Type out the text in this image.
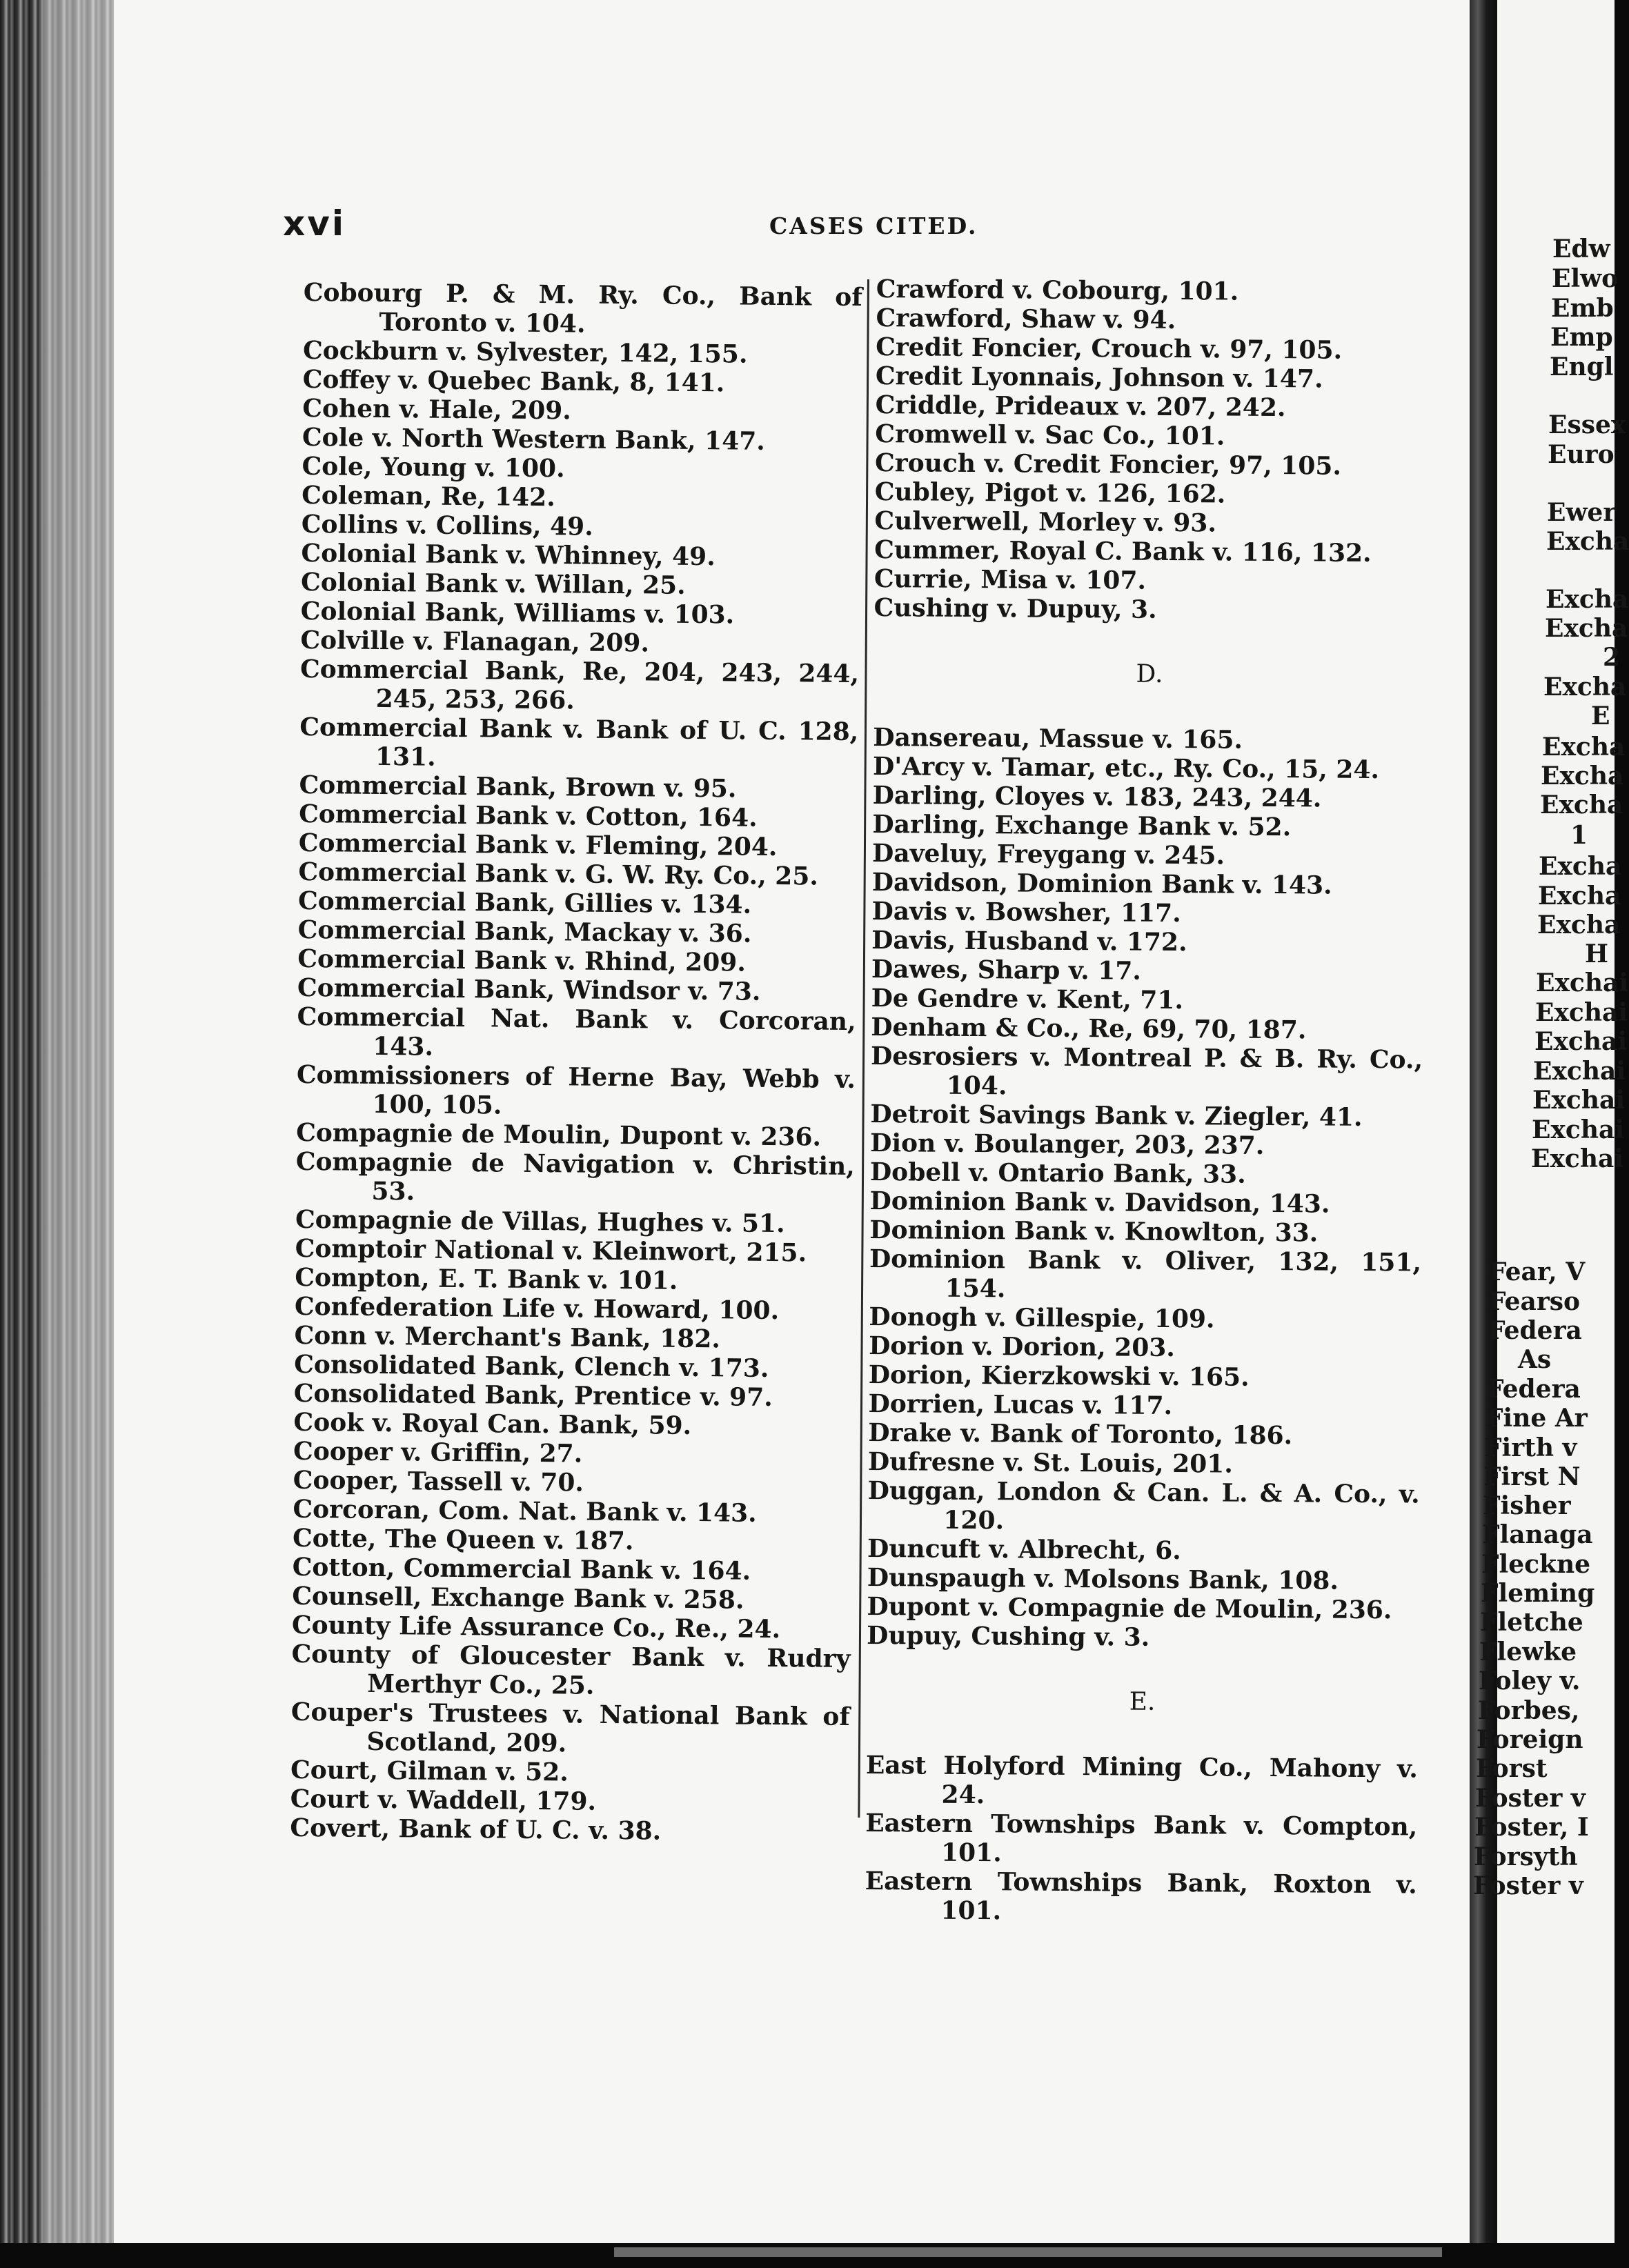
xvi	CASES CITED.

Cobourg P. & M. Ry. Co., Bank of Toronto v. 104.

Cockburn v. Sylvester, 142, 155.

Coffey v. Quebec Bank, 8, 141.

Cohen v. Hale, 209.

Cole v. North Western Bank, 147.

Cole, Young v. 100.

Coleman, Re, 142.

Collins v. Collins, 49.

Colonial Bank v. Whinney, 49.

Colonial Bank v. Willan, 25.

Colonial Bank, Williams v. 103.

Colville v. Flanagan, 209.

Commercial Bank, Re, 204, 243, 244, 245, 253, 266.

Commercial Bank v. Bank of U. C. 128, 131.

Commercial Bank, Brown v. 95.

Commercial Bank v. Cotton, 164.

Commercial Bank v. Fleming, 204.

Commercial Bank v. G. W. Ry. Co., 25.

Commercial Bank, Gillies v. 134.

Commercial Bank, Mackay v. 36.

Commercial Bank v. Rhind, 209.

Commercial Bank, Windsor v. 73.

Commercial Nat. Bank v. Corcoran, 143.

Commissioners of Herne Bay, Webb v. 100, 105.

Compagnie de Moulin, Dupont v. 236.

Compagnie de Navigation v. Christin, 53.

Compagnie de Villas, Hughes v. 51.

Comptoir National v. Kleinwort, 215.

Compton, E. T. Bank v. 101.

Confederation Life v. Howard, 100.

Conn v. Merchant's Bank, 182.

Consolidated Bank, Clench v. 173.

Consolidated Bank, Prentice v. 97.

Cook v. Royal Can. Bank, 59.

Cooper v. Griffin, 27.

Cooper, Tassell v. 70.

Corcoran, Com. Nat. Bank v. 143.

Cotte, The Queen v. 187.

Cotton, Commercial Bank v. 164.

Counsell, Exchange Bank v. 258.

County Life Assurance Co., Re., 24.

County of Gloucester Bank v. Rudry Merthyr Co., 25.

Couper's Trustees v. National Bank of Scotland, 209.

Court, Gilman v. 52.

Court v. Waddell, 179.

Covert, Bank of U. C. v. 38.

Crawford v. Cobourg, 101.

Crawford, Shaw v. 94.

Credit Foncier, Crouch v. 97, 105.

Credit Lyonnais, Johnson v. 147.

Criddle, Prideaux v. 207, 242.

Cromwell v. Sac Co., 101.

Crouch v. Credit Foncier, 97, 105.

Cubley, Pigot v. 126, 162.

Culverwell, Morley v. 93.

Cummer, Royal C. Bank v. 116, 132.

Currie, Misa v. 107.

Cushing v. Dupuy, 3.

D.

Dansereau, Massue v. 165.

D'Arcy v. Tamar, etc., Ry. Co., 15, 24.

Darling, Cloyes v. 183, 243, 244.

Darling, Exchange Bank v. 52.

Daveluy, Freygang v. 245.

Davidson, Dominion Bank v. 143.

Davis v. Bowsher, 117.

Davis, Husband v. 172.

Dawes, Sharp v. 17.

De Gendre v. Kent, 71.

Denham & Co., Re, 69, 70, 187.

Desrosiers v. Montreal P. & B. Ry. Co., 104.

Detroit Savings Bank v. Ziegler, 41.

Dion v. Boulanger, 203, 237.

Dobell v. Ontario Bank, 33.

Dominion Bank v. Davidson, 143.

Dominion Bank v. Knowlton, 33.

Dominion Bank v. Oliver, 132, 151, 154.

Donogh v. Gillespie, 109.

Dorion v. Dorion, 203.

Dorion, Kierzkowski v. 165.

Dorrien, Lucas v. 117.

Drake v. Bank of Toronto, 186.

Dufresne v. St. Louis, 201.

Duggan, London & Can. L. & A. Co., v. 120.

Duncuft v. Albrecht, 6.

Dunspaugh v. Molsons Bank, 108.

Dupont v. Compagnie de Moulin, 236.

Dupuy, Cushing v. 3.

E.

East Holyford Mining Co., Mahony v. 24.

Eastern Townships Bank v. Compton, 101.

Eastern Townships Bank, Roxton v. 101.

Edw
Elwo
Emb
Emp
Engl
Essex
Euro
Ewer
Excha
Excha
Excha
2
Excha
E
Excha
Excha
Excha
1
Excha
Excha
Excha
H
Exchai
Exchai
Exchai
Exchai
Exchai
Exchai
Exchai
Fear, V
Fearso
Federa
As
Federa
Fine Ar
Firth v
First N
Fisher
Flanaga
Fleckne
Fleming
Fletche
Flewke
Foley v.
Forbes,
Foreign
Forst
Foster v
Foster, I
Forsyth
Foster v
